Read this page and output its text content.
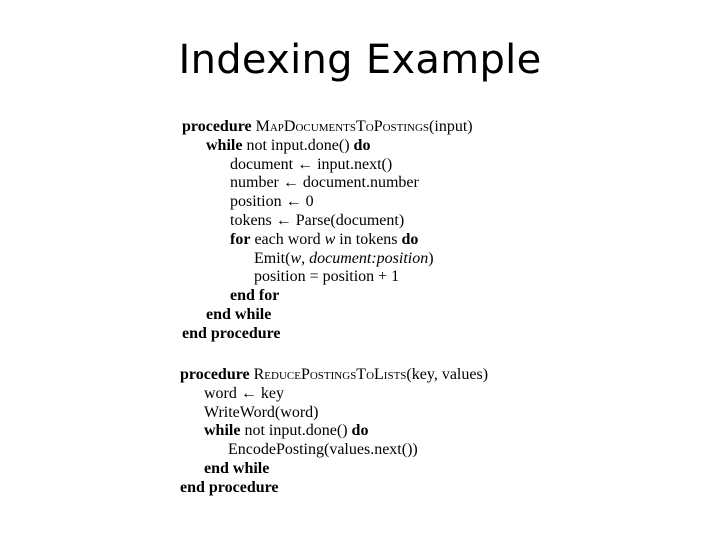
Indexing Example
procedure MapDocumentsToPostings(input)
while not input.done() do
document ← input.next()
number ← document.number
position ← 0
tokens ← Parse(document)
for each word w in tokens do
Emit(w, document:position)
position = position + 1
end for
end while
end procedure
procedure ReducePostingsToLists(key, values)
word ← key
WriteWord(word)
while not input.done() do
EncodePosting(values.next())
end while
end procedure
